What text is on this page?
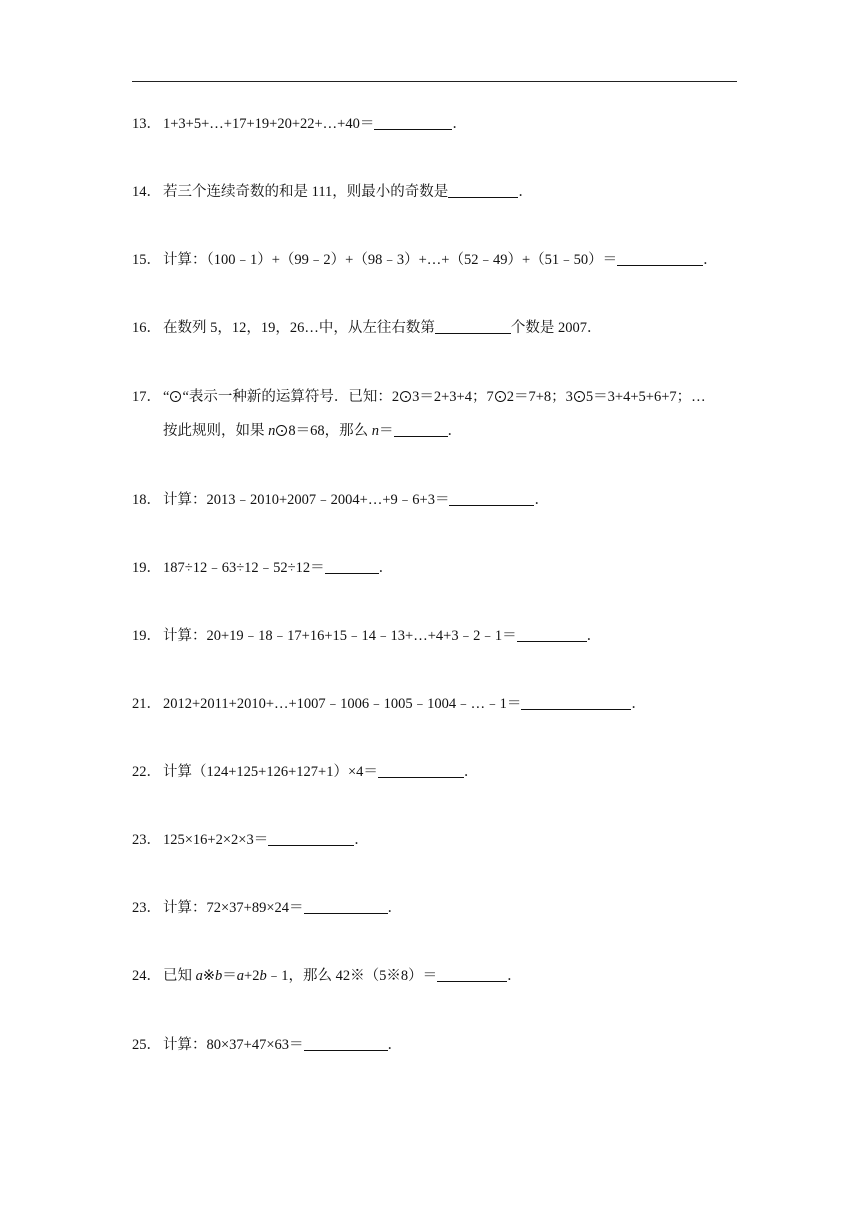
13． 1+3+5+…+17+19+20+22+…+40＝	．
14． 若三个连续奇数的和是 111，则最小的奇数是	．
15． 计算：（100﹣1）+（99﹣2）+（98﹣3）+…+（52﹣49）+（51﹣50）＝	．
16． 在数列 5，12，19，26…中，从左往右数第	个数是 2007．
17． “ “表示一种新的运算符号．已知：2 3＝2+3+4；7 2＝7+8；3 5＝3+4+5+6+7；…
按此规则，如果 n 8＝68，那么 n＝	．
18． 计算：2013﹣2010+2007﹣2004+…+9﹣6+3＝	．
19． 187÷12﹣63÷12﹣52÷12＝	．
19． 计算：20+19﹣18﹣17+16+15﹣14﹣13+…+4+3﹣2﹣1＝	．
21． 2012+2011+2010+…+1007﹣1006﹣1005﹣1004﹣…﹣1＝	．
22． 计算（124+125+126+127+1）×4＝	．
23． 125×16+2×2×3＝	．
23． 计算：72×37+89×24＝	．
24． 已知 a※b＝a+2b﹣1，那么 42※（5※8）＝	．
25． 计算：80×37+47×63＝	．
